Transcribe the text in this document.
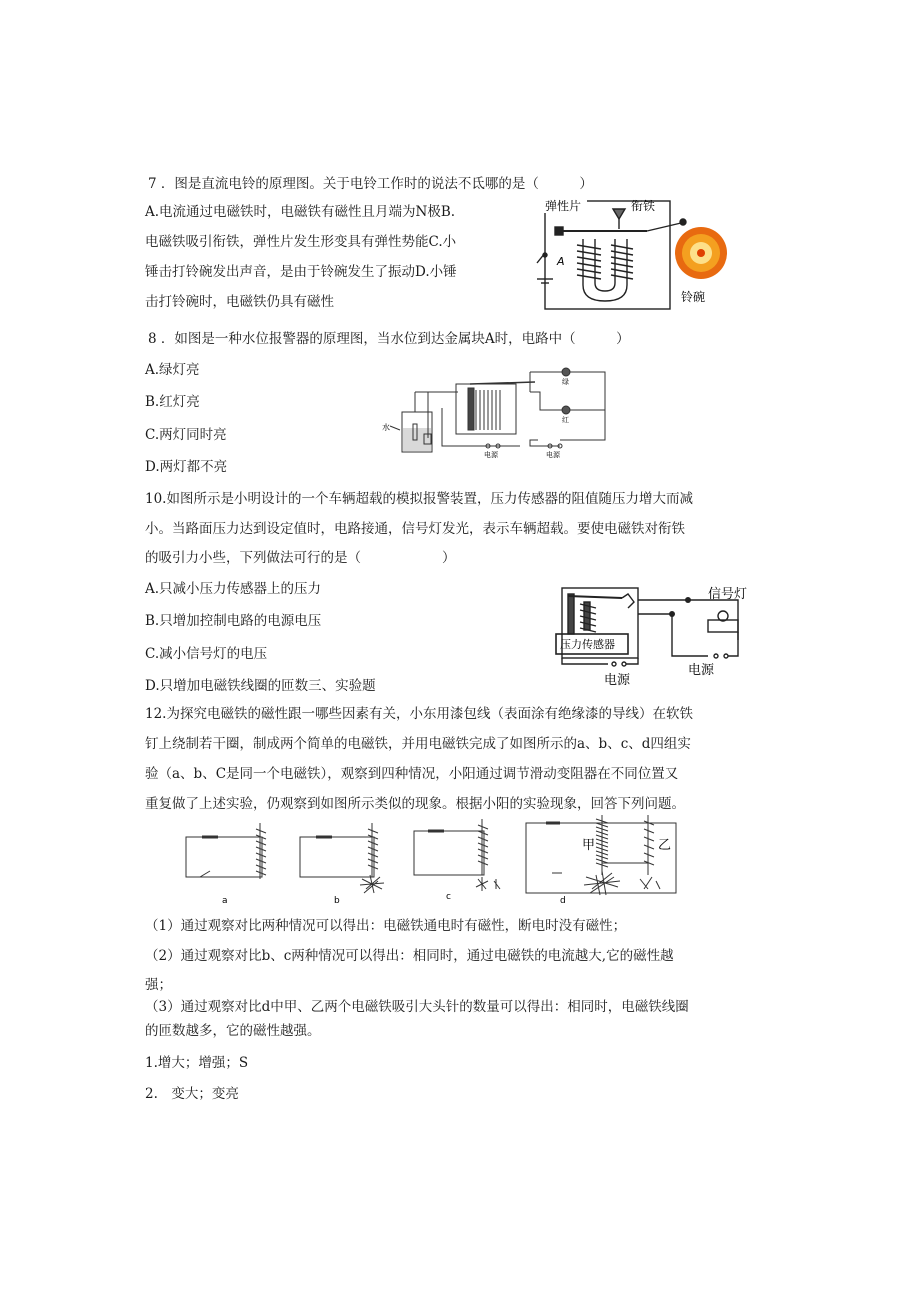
7 ．图是直流电铃的原理图。关于电铃工作时的说法不氐哪的是（　　　）
A.电流通过电磁铁时，电磁铁有磁性且月端为N极B.
电磁铁吸引衔铁，弹性片发生形变具有弹性势能C.小
锤击打铃碗发出声音，是由于铃碗发生了振动D.小锤
击打铃碗时，电磁铁仍具有磁性
弹性片	衔铁
A
铃碗
8 ．如图是一种水位报警器的原理图，当水位到达金属块A时，电路中（　　　）
A.绿灯亮
B.红灯亮
C.两灯同时亮
D.两灯都不亮
水
绿
红
电源	电源
10.如图所示是小明设计的一个车辆超载的模拟报警装置，压力传感器的阻值随压力增大而减
小。当路面压力达到设定值时，电路接通，信号灯发光，表示车辆超载。要使电磁铁对衔铁
的吸引力小些，下列做法可行的是（　　　　　　）
A.只减小压力传感器上的压力
B.只增加控制电路的电源电压
C.减小信号灯的电压
D.只增加电磁铁线圈的匝数三、实验题
信号灯
压力传感器
电源
电源
12.为探究电磁铁的磁性跟一哪些因素有关，小东用漆包线（表面涂有绝缘漆的导线）在软铁
钉上绕制若干圈，制成两个简单的电磁铁，并用电磁铁完成了如图所示的a、b、c、d四组实
验（a、b、C是同一个电磁铁），观察到四种情况，小阳通过调节滑动变阻器在不同位置又
重复做了上述实验，仍观察到如图所示类似的现象。根据小阳的实验现象，回答下列问题。
a	b	c	d
甲	乙
（1）通过观察对比两种情况可以得出：电磁铁通电时有磁性，断电时没有磁性；
（2）通过观察对比b、c两种情况可以得出：相同时，通过电磁铁的电流越大,它的磁性越
强；
（3）通过观察对比d中甲、乙两个电磁铁吸引大头针的数量可以得出：相同时，电磁铁线圈
的匝数越多，它的磁性越强。
1.增大；增强；S
2.　变大；变亮
